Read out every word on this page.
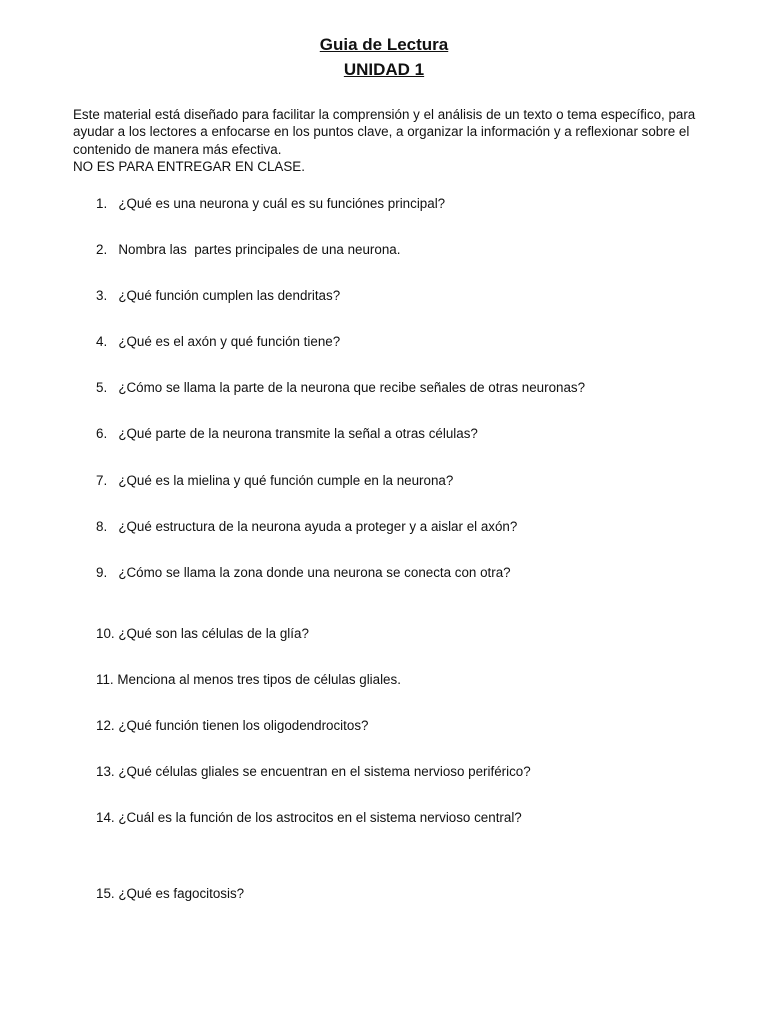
Guia de Lectura
UNIDAD 1

Este material está diseñado para facilitar la comprensión y el análisis de un texto o tema específico, para ayudar a los lectores a enfocarse en los puntos clave, a organizar la información y a reflexionar sobre el contenido de manera más efectiva.

NO ES PARA ENTREGAR EN CLASE.

1.   ¿Qué es una neurona y cuál es su funciónes principal?
2.   Nombra las  partes principales de una neurona.
3.   ¿Qué función cumplen las dendritas?
4.   ¿Qué es el axón y qué función tiene?
5.   ¿Cómo se llama la parte de la neurona que recibe señales de otras neuronas?
6.   ¿Qué parte de la neurona transmite la señal a otras células?
7.   ¿Qué es la mielina y qué función cumple en la neurona?
8.   ¿Qué estructura de la neurona ayuda a proteger y a aislar el axón?
9.   ¿Cómo se llama la zona donde una neurona se conecta con otra?
10. ¿Qué son las células de la glía?
11. Menciona al menos tres tipos de células gliales.
12. ¿Qué función tienen los oligodendrocitos?
13. ¿Qué células gliales se encuentran en el sistema nervioso periférico?
14. ¿Cuál es la función de los astrocitos en el sistema nervioso central?
15. ¿Qué es fagocitosis?
